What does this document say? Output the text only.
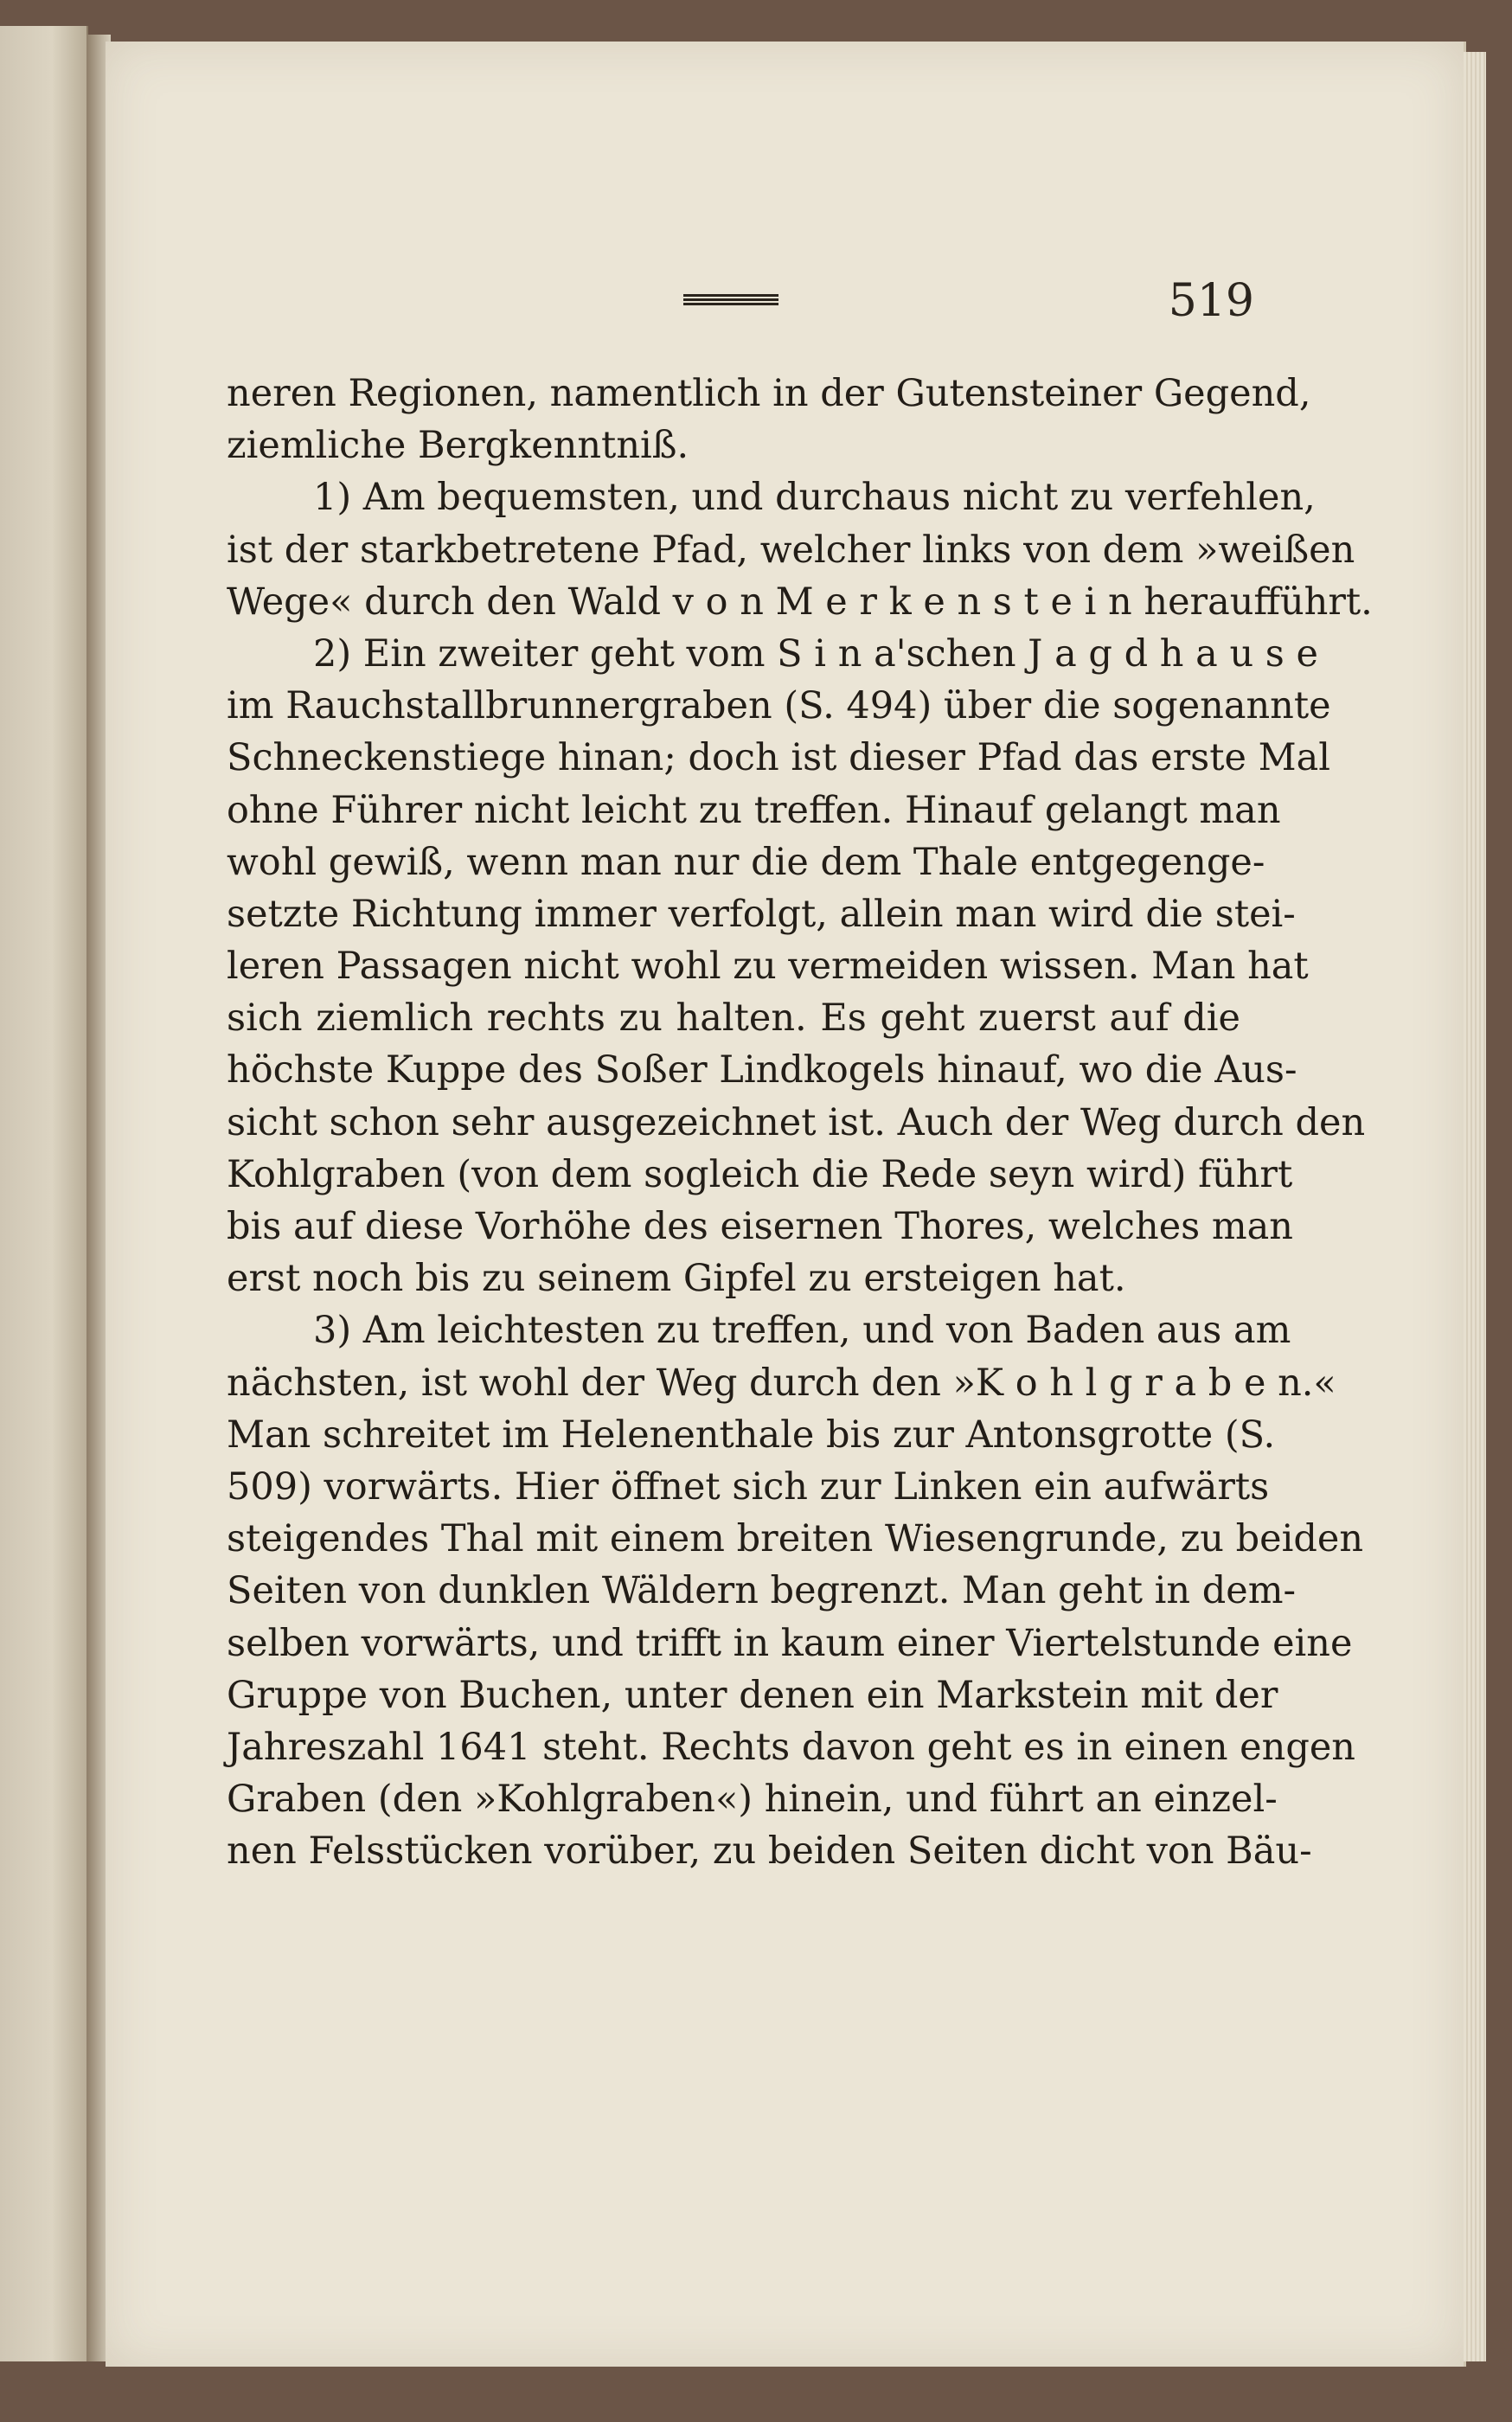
519
neren Regionen, namentlich in der Gutensteiner Gegend,
ziemliche Bergkenntniß.
1) Am bequemsten, und durchaus nicht zu verfehlen,
ist der starkbetretene Pfad, welcher links von dem »weißen
Wege« durch den Wald v o n M e r k e n s t e i n heraufführt.
2) Ein zweiter geht vom S i n a'schen J a g d h a u s e
im Rauchstallbrunnergraben (S. 494) über die sogenannte
Schneckenstiege hinan; doch ist dieser Pfad das erste Mal
ohne Führer nicht leicht zu treffen. Hinauf gelangt man
wohl gewiß, wenn man nur die dem Thale entgegenge-
setzte Richtung immer verfolgt, allein man wird die stei-
leren Passagen nicht wohl zu vermeiden wissen. Man hat
sich ziemlich rechts zu halten. Es geht zuerst auf die
höchste Kuppe des Soßer Lindkogels hinauf, wo die Aus-
sicht schon sehr ausgezeichnet ist. Auch der Weg durch den
Kohlgraben (von dem sogleich die Rede seyn wird) führt
bis auf diese Vorhöhe des eisernen Thores, welches man
erst noch bis zu seinem Gipfel zu ersteigen hat.
3) Am leichtesten zu treffen, und von Baden aus am
nächsten, ist wohl der Weg durch den »K o h l g r a b e n.«
Man schreitet im Helenenthale bis zur Antonsgrotte (S.
509) vorwärts. Hier öffnet sich zur Linken ein aufwärts
steigendes Thal mit einem breiten Wiesengrunde, zu beiden
Seiten von dunklen Wäldern begrenzt. Man geht in dem-
selben vorwärts, und trifft in kaum einer Viertelstunde eine
Gruppe von Buchen, unter denen ein Markstein mit der
Jahreszahl 1641 steht. Rechts davon geht es in einen engen
Graben (den »Kohlgraben«) hinein, und führt an einzel-
nen Felsstücken vorüber, zu beiden Seiten dicht von Bäu-
